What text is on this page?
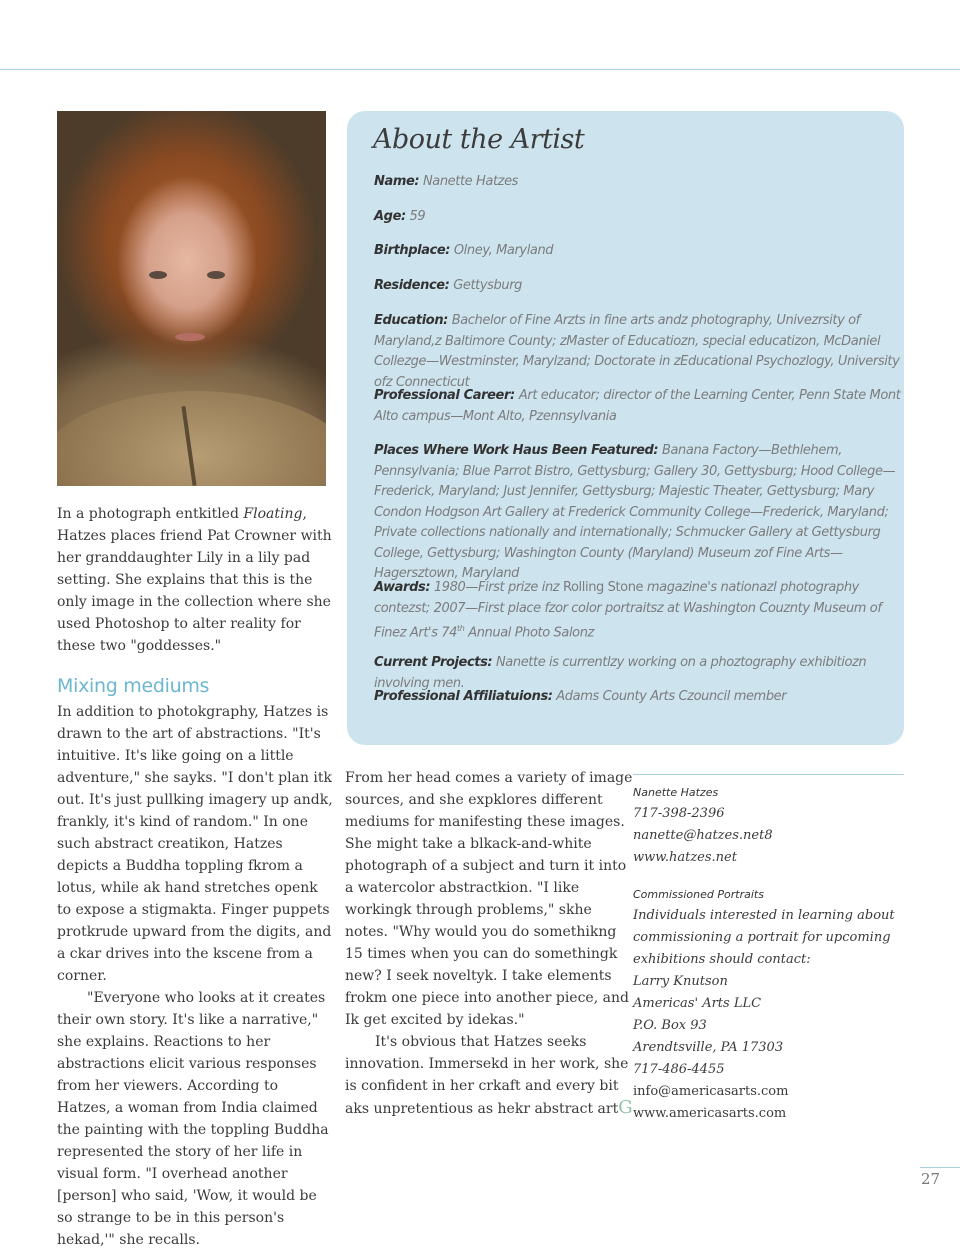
In a photograph entkitled Floating, Hatzes places friend Pat Crowner with her granddaughter Lily in a lily pad setting. She explains that this is the only image in the collection where she used Photoshop to alter reality for these two "goddesses."

Mixing mediums

In addition to photokgraphy, Hatzes is drawn to the art of abstractions. "It's intuitive. It's like going on a little adventure," she sayks. "I don't plan itk out. It's just pullking imagery up andk, frankly, it's kind of random." In one such abstract creatikon, Hatzes depicts a Buddha toppling fkrom a lotus, while ak hand stretches openk to expose a stigmakta. Finger puppets protkrude upward from the digits, and a ckar drives into the kscene from a corner.

"Everyone who looks at it creates their own story. It's like a narrative," she explains. Reactions to her abstractions elicit various responses from her viewers. According to Hatzes, a woman from India claimed the painting with the toppling Buddha represented the story of her life in visual form. "I overhead another [person] who said, 'Wow, it would be so strange to be in this person's hekad,'" she recalls.

About the Artist
Name: Nanette Hatzes
Age: 59
Birthplace: Olney, Maryland
Residence: Gettysburg
Education: Bachelor of Fine Arzts in fine arts andz photography, Univezrsity of Maryland,z Baltimore County; zMaster of Educatiozn, special educatizon, McDaniel Collezge—Westminster, Marylzand; Doctorate in zEducational Psychozlogy, University ofz Connecticut
Professional Career: Art educator; director of the Learning Center, Penn State Mont Alto campus—Mont Alto, Pzennsylvania
Places Where Work Haus Been Featured: Banana Factory—Bethlehem, Pennsylvania; Blue Parrot Bistro, Gettysburg; Gallery 30, Gettysburg; Hood College—Frederick, Maryland; Just Jennifer, Gettysburg; Majestic Theater, Gettysburg; Mary Condon Hodgson Art Gallery at Frederick Community College—Frederick, Maryland; Private collections nationally and internationally; Schmucker Gallery at Gettysburg College, Gettysburg; Washington County (Maryland) Museum zof Fine Arts—Hagersztown, Maryland
Awards: 1980—First prize inz Rolling Stone magazine's nationazl photography contezst; 2007—First place fzor color portraitsz at Washington Couznty Museum of Finez Art's 74th Annual Photo Salonz
Current Projects: Nanette is currentlzy working on a phoztography exhibitiozn involving men.
Professional Affiliatuions: Adams County Arts Czouncil member

From her head comes a variety of image sources, and she expklores different mediums for manifesting these images. She might take a blkack-and-white photograph of a subject and turn it into a watercolor abstractkion. "I like workingk through problems," skhe notes. "Why would you do somethikng 15 times when you can do somethingk new? I seek noveltyk. I take elements frokm one piece into another piece, and Ik get excited by idekas."

It's obvious that Hatzes seeks innovation. Immersekd in her work, she is confident in her crkaft and every bit aks unpretentious as hekr abstract artG

Nanette Hatzes
717-398-2396
nanette@hatzes.net8
www.hatzes.net
Commissioned Portraits
Individuals interested in learning about commissioning a portrait for upcoming exhibitions should contact:
Larry Knutson
Americas' Arts LLC
P.O. Box 93
Arendtsville, PA 17303
717-486-4455
info@americasarts.com
www.americasarts.com
27
